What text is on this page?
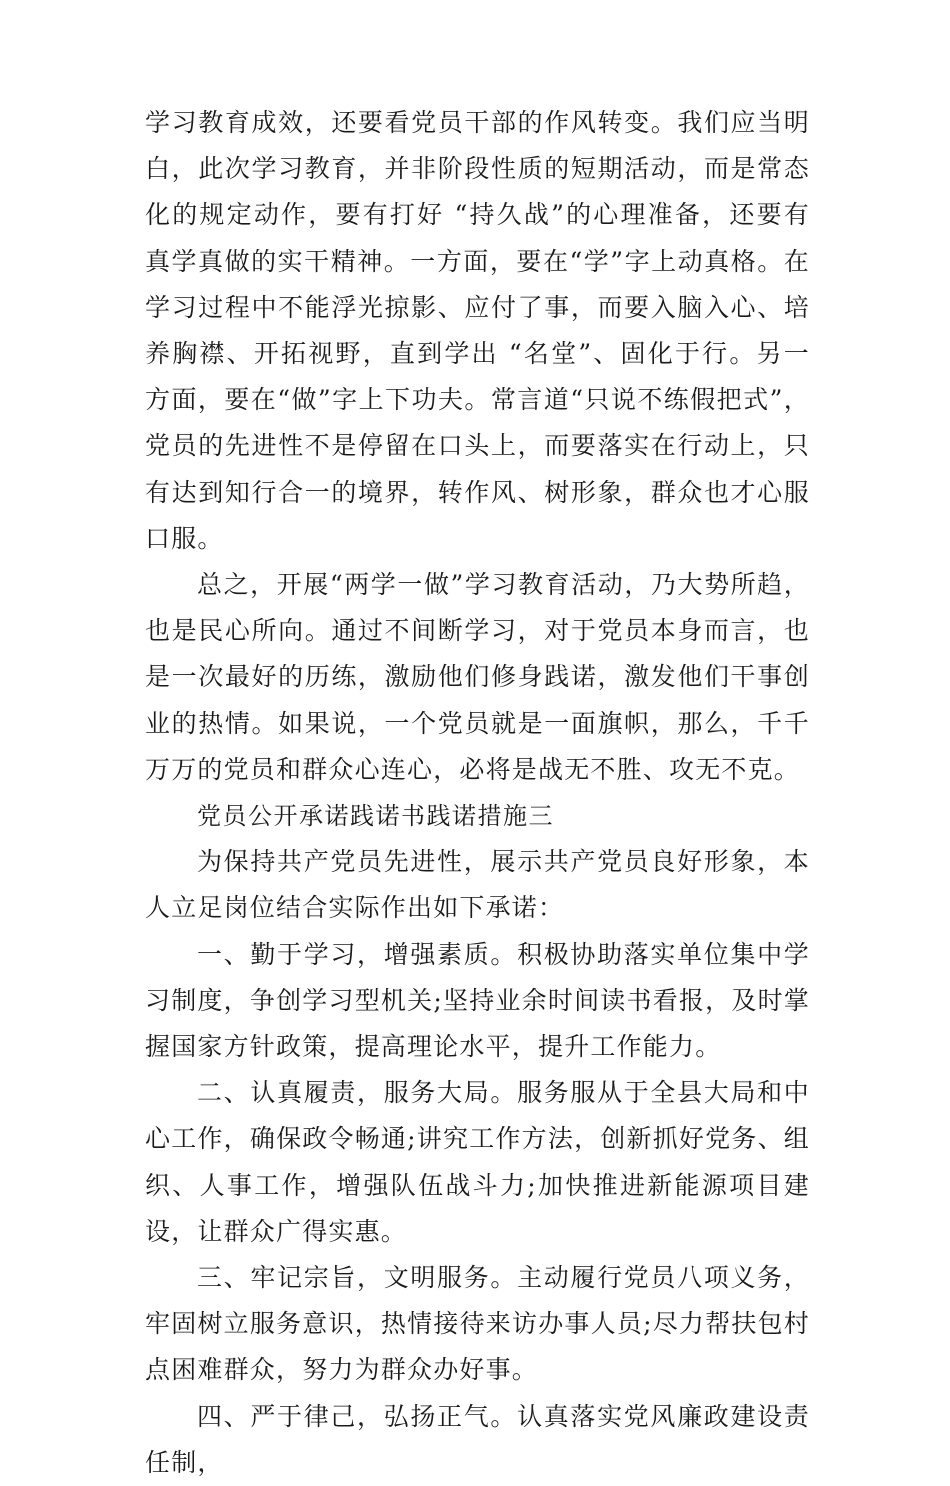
学习教育成效，还要看党员干部的作风转变。我们应当明白，此次学习教育，并非阶段性质的短期活动，而是常态化的规定动作，要有打好 “持久战”的心理准备，还要有真学真做的实干精神。一方面，要在“学”字上动真格。在学习过程中不能浮光掠影、应付了事，而要入脑入心、培养胸襟、开拓视野，直到学出 “名堂”、固化于行。另一方面，要在“做”字上下功夫。常言道“只说不练假把式”，党员的先进性不是停留在口头上，而要落实在行动上，只有达到知行合一的境界，转作风、树形象，群众也才心服口服。

总之，开展“两学一做”学习教育活动，乃大势所趋，也是民心所向。通过不间断学习，对于党员本身而言，也是一次最好的历练，激励他们修身践诺，激发他们干事创业的热情。如果说，一个党员就是一面旗帜，那么，千千万万的党员和群众心连心，必将是战无不胜、攻无不克。

党员公开承诺践诺书践诺措施三

为保持共产党员先进性，展示共产党员良好形象，本人立足岗位结合实际作出如下承诺：

一、勤于学习，增强素质。积极协助落实单位集中学习制度，争创学习型机关;坚持业余时间读书看报，及时掌握国家方针政策，提高理论水平，提升工作能力。

二、认真履责，服务大局。服务服从于全县大局和中心工作，确保政令畅通;讲究工作方法，创新抓好党务、组织、人事工作，增强队伍战斗力;加快推进新能源项目建设，让群众广得实惠。

三、牢记宗旨，文明服务。主动履行党员八项义务，牢固树立服务意识，热情接待来访办事人员;尽力帮扶包村点困难群众，努力为群众办好事。

四、严于律己，弘扬正气。认真落实党风廉政建设责任制，
